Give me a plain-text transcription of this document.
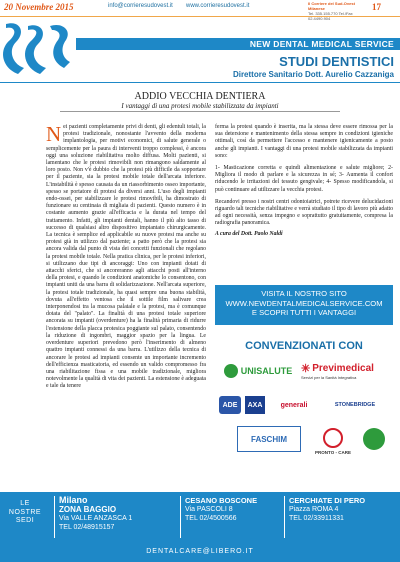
20 Novembre 2015	info@corrieresudovest.it www.corrieresudovest.it	Il Corriere del Sud-Ovest Milanese
Tel. 335.155.770 Tel./Fax 02.4490.904
17
NEW DENTAL MEDICAL SERVICE
STUDI DENTISTICI
Direttore Sanitario Dott. Aurelio Cazzaniga
ADDIO VECCHIA DENTIERA
I vantaggi di una protesi mobile stabilizzata da impianti

Nei pazienti completamente privi di denti, gli edentuli totali, la protesi tradizionale, nonostante l'avvento della moderna implantologia, per motivi economici, di salute generale o semplicemente per la paura di interventi troppo complessi, è ancora oggi una soluzione riabilitativa molto diffusa. Molti pazienti, si lamentano che le protesi rimovibili non rimangono saldamente al loro posto. Non v'è dubbio che la protesi più difficile da sopportare per il paziente, sia la protesi mobile totale dell'arcata inferiore. L'instabilità è spesso causata da un riassorbimento osseo importante, spesso se portatore di protesi da diversi anni. L'uso degli impianti endo-ossei, per stabilizzare le protesi rimovibili, ha dimostrato di funzionare su centinaia di migliaia di pazienti. Questo numero è in costante aumento grazie all'efficacia e la durata nel tempo del trattamento. Infatti, gli impianti dentali, hanno il più alto tasso di successo di qualsiasi altro dispositivo impiantato chirurgicamente. La tecnica è semplice ed applicabile su nuove protesi ma anche su protesi già in utilizzo dal paziente; a patto però che la protesi sia ancora valida dal punto di vista dei concetti funzionali che regolano la protesi mobile totale. Nella pratica clinica, per le protesi inferiori, si utilizzano due tipi di ancoraggi: Uno con impianti dotati di attacchi sferici, che si ancoreranno agli attacchi posti all'interno della protesi, e quando le condizioni anatomiche lo consentono, con impianti uniti da una barra di solidarizzazione. Nell'arcata superiore, la protesi totale tradizionale, ha quasi sempre una buona stabilità, dovuta all'effetto ventosa che il sottile film salivare crea interponendosi tra la mucosa palatale e la protesi, ma è comunque dotata del "palato". La finalità di una protesi totale superiore ancorata su impianti (overdenture) ha la finalità primaria di ridurre l'estensione della placca protesica poggiante sul palato, consentendo la riduzione di ingombri, maggior spazio per la lingua. Le overdenture superiori prevedono però l'inserimento di almeno quattro impianti connessi da una barra. L'utilizzo della tecnica di ancorare le protesi ad impianti consente un importante incremento dell'efficienza masticatoria, ed essendo un valido compromesso fra una riabilitazione fissa e una mobile tradizionale, migliora notevolmente la qualità di vita dei pazienti. La estensione è adeguata e tale da tenere

ferma la protesi quando è inserita, ma la stessa deve essere rimossa per la sua detersione e mantenimento della stessa sempre in condizioni igieniche ottimali, così da permettere l'accesso e mantenere igienicamente a posto anche gli impianti. I vantaggi di una protesi mobile stabilizzata da impianti sono:

1- Masticazione corretta e quindi alimentazione e salute migliore; 2- Migliora il modo di parlare e la sicurezza in sé; 3- Aumenta il confort riducendo le irritazioni del tessuto gengivale; 4- Spesso modificandola, si può continuare ad utilizzare la vecchia protesi.

Recandovi presso i nostri centri odontoiatrici, potrete ricevere delucidazioni riguardo tali tecniche riabilitative e verrà studiato il tipo di lavoro più adatto ad ogni necessità, senza impegno e soprattutto gratuitamente, compresa la radiografia panoramica.

A cura del Dott. Paolo Naldi

VISITA IL NOSTRO SITO
WWW.NEWDENTALMEDICALSERVICE.COM
E SCOPRI TUTTI I VANTAGGI
CONVENZIONATI CON
UNISALUTE ✳ Previmedical
Servizi per la Sanità Integrativa
ADE	AXA	generali	STONEBRIDGE
FASCHIM
PRONTO - CARE
LE
NOSTRE
SEDI
Milano
ZONA BAGGIO
Via VALLE ANZASCA 1
TEL 02/48915157
CESANO BOSCONE
Via PASCOLI 8
TEL 02/4500566
CERCHIATE DI PERO
Piazza ROMA 4
TEL 02/33911331
DENTALCARE@LIBERO.IT
